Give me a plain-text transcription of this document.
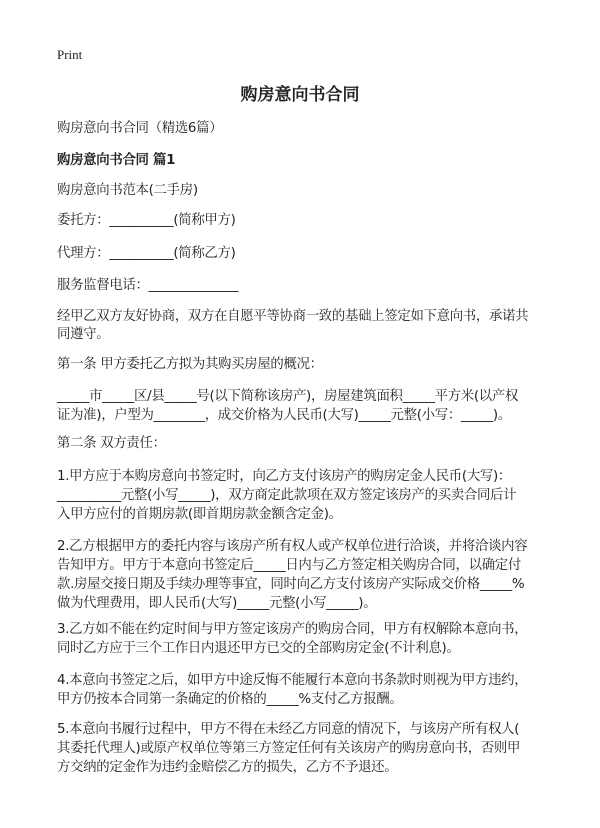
Print
购房意向书合同
购房意向书合同（精选6篇）
购房意向书合同 篇1
购房意向书范本(二手房)
委托方：__________(简称甲方)
代理方：__________(简称乙方)
服务监督电话：______________
经甲乙双方友好协商，双方在自愿平等协商一致的基础上签定如下意向书，承诺共
同遵守。
第一条 甲方委托乙方拟为其购买房屋的概况：
_____市_____区/县_____号(以下简称该房产)，房屋建筑面积_____平方米(以产权
证为准)，户型为________，成交价格为人民币(大写)_____元整(小写：_____)。
第二条 双方责任：
1.甲方应于本购房意向书签定时，向乙方支付该房产的购房定金人民币(大写)：
__________元整(小写_____)，双方商定此款项在双方签定该房产的买卖合同后计
入甲方应付的首期房款(即首期房款金额含定金)。
2.乙方根据甲方的委托内容与该房产所有权人或产权单位进行洽谈，并将洽谈内容
告知甲方。甲方于本意向书签定后_____日内与乙方签定相关购房合同，以确定付
款.房屋交接日期及手续办理等事宜，同时向乙方支付该房产实际成交价格_____%
做为代理费用，即人民币(大写)_____元整(小写_____)。
3.乙方如不能在约定时间与甲方签定该房产的购房合同，甲方有权解除本意向书，
同时乙方应于三个工作日内退还甲方已交的全部购房定金(不计利息)。
4.本意向书签定之后，如甲方中途反悔不能履行本意向书条款时则视为甲方违约，
甲方仍按本合同第一条确定的价格的_____%支付乙方报酬。
5.本意向书履行过程中，甲方不得在未经乙方同意的情况下，与该房产所有权人(
其委托代理人)或原产权单位等第三方签定任何有关该房产的购房意向书，否则甲
方交纳的定金作为违约金赔偿乙方的损失，乙方不予退还。
